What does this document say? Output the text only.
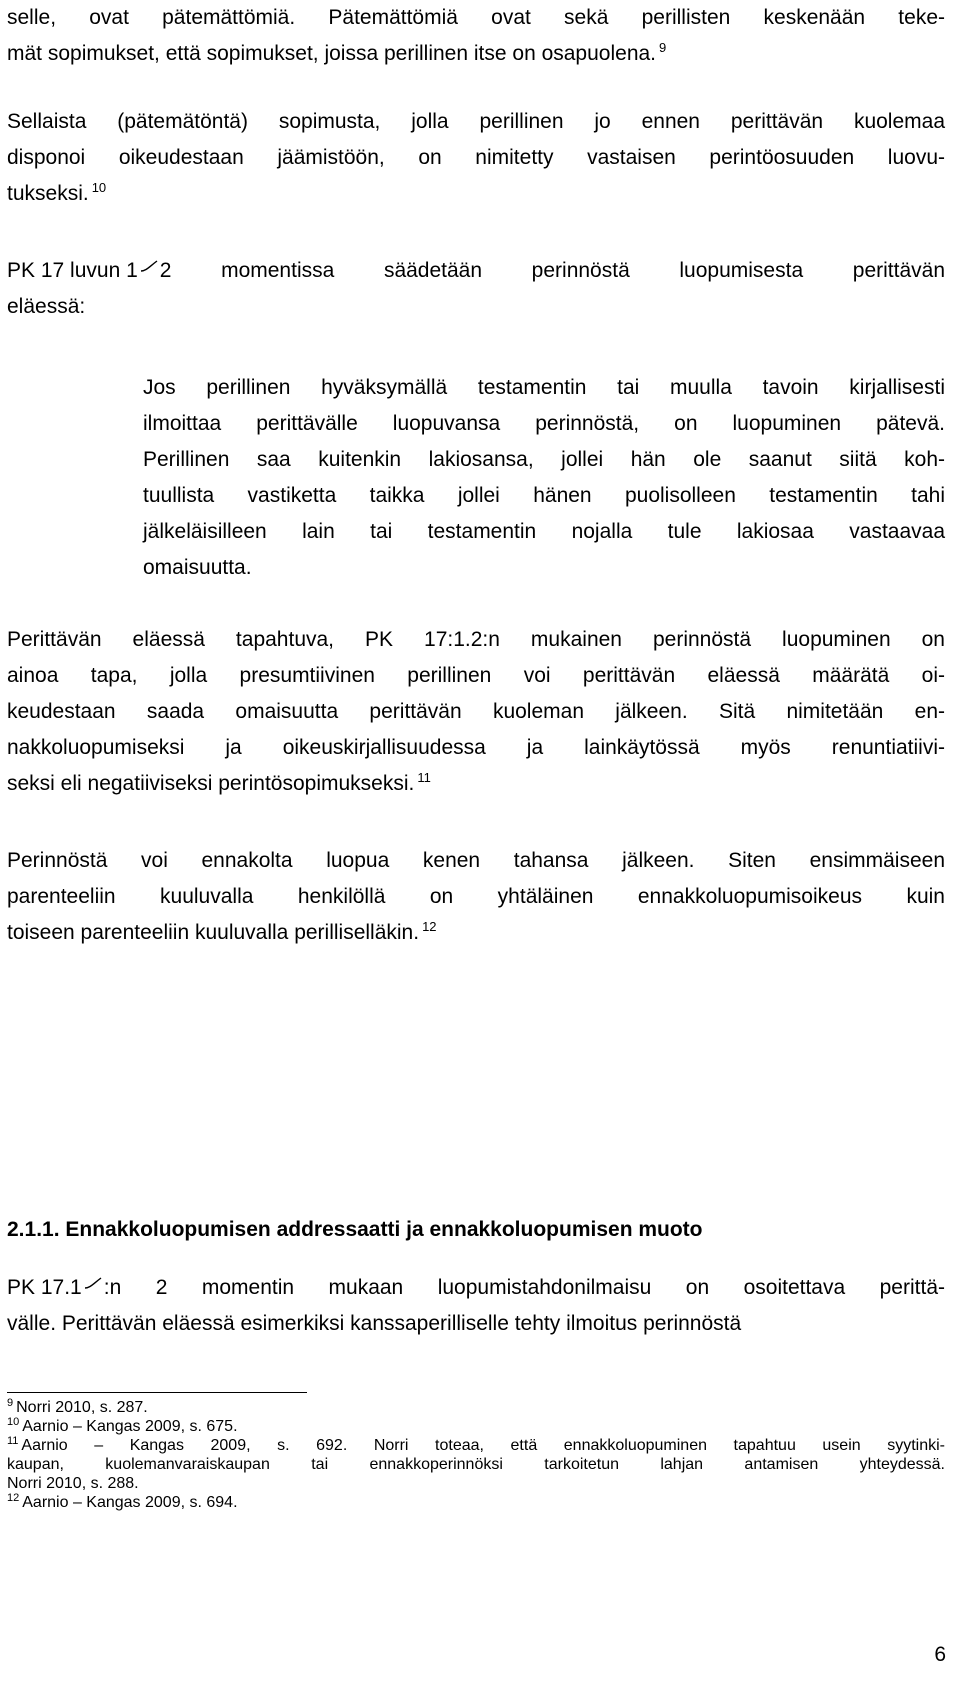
selle, ovat pätemättömiä. Pätemättömiä ovat sekä perillisten keskenään teke-
mät sopimukset, että sopimukset, joissa perillinen itse on osapuolena. $^9$
Sellaista (pätemätöntä) sopimusta, jolla perillinen jo ennen perittävän kuolemaa
disponoi oikeudestaan jäämistöön, on nimitetty vastaisen perintöosuuden luovu-
tukseksi. $^{10}$
PK 17 luvun 1 2 momentissa säädetään perinnöstä luopumisesta perittävän
eläessä:
Jos perillinen hyväksymällä testamentin tai muulla tavoin kirjallisesti
ilmoittaa perittävälle luopuvansa perinnöstä, on luopuminen pätevä.
Perillinen saa kuitenkin lakiosansa, jollei hän ole saanut siitä koh-
tuullista vastiketta taikka jollei hänen puolisolleen testamentin tahi
jälkeläisilleen lain tai testamentin nojalla tule lakiosaa vastaavaa
omaisuutta.
Perittävän eläessä tapahtuva, PK 17:1.2:n mukainen perinnöstä luopuminen on
ainoa tapa, jolla presumtiivinen perillinen voi perittävän eläessä määrätä oi-
keudestaan saada omaisuutta perittävän kuoleman jälkeen. Sitä nimitetään en-
nakkoluopumiseksi ja oikeuskirjallisuudessa ja lainkäytössä myös renuntiatiivi-
seksi eli negatiiviseksi perintösopimukseksi. $^{11}$
Perinnöstä voi ennakolta luopua kenen tahansa jälkeen. Siten ensimmäiseen
parenteeliin kuuluvalla henkilöllä on yhtäläinen ennakkoluopumisoikeus kuin
toiseen parenteeliin kuuluvalla perilliselläkin. $^{12}$
2.1.1. Ennakkoluopumisen addressaatti ja ennakkoluopumisen muoto
PK 17.1 :n 2 momentin mukaan luopumistahdonilmaisu on osoitettava perittä-
välle. Perittävän eläessä esimerkiksi kanssaperilliselle tehty ilmoitus perinnöstä
$^9$ Norri 2010, s. 287.
$^{10}$ Aarnio – Kangas 2009, s. 675.
$^{11}$ Aarnio – Kangas 2009, s. 692. Norri toteaa, että ennakkoluopuminen tapahtuu usein syytinki-
kaupan, kuolemanvaraiskaupan tai ennakkoperinnöksi tarkoitetun lahjan antamisen yhteydessä.
Norri 2010, s. 288.
$^{12}$ Aarnio – Kangas 2009, s. 694.
6
